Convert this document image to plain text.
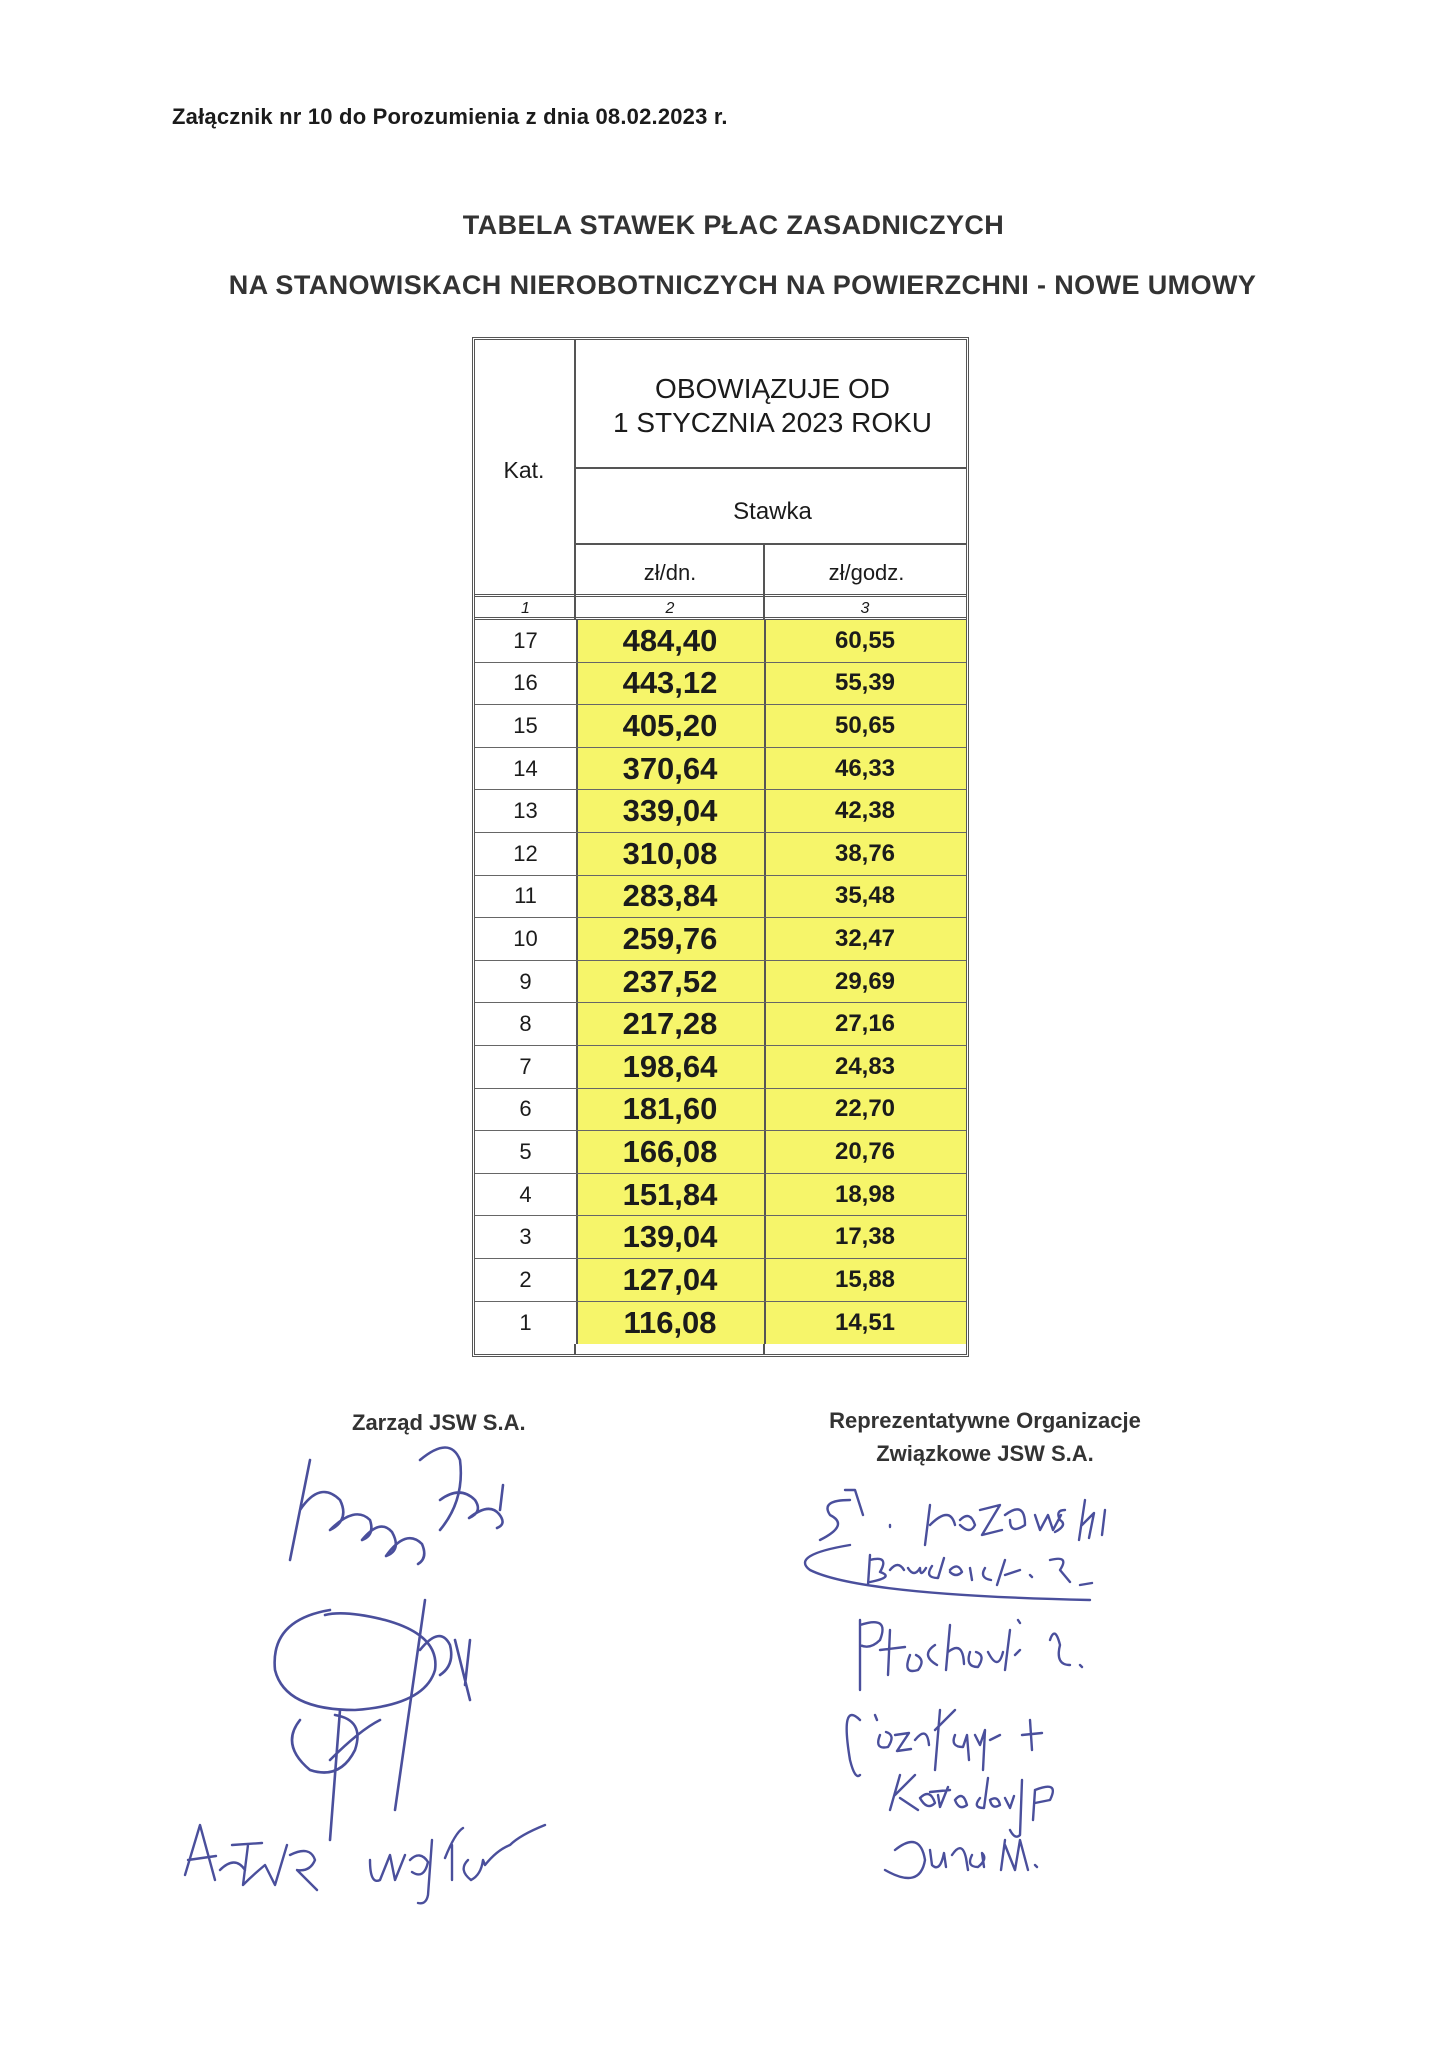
Załącznik nr 10 do Porozumienia z dnia 08.02.2023 r.
TABELA STAWEK PŁAC ZASADNICZYCH
NA STANOWISKACH NIEROBOTNICZYCH NA POWIERZCHNI - NOWE UMOWY
Kat.
OBOWIĄZUJE OD
1 STYCZNIA 2023 ROKU
Stawka
zł/dn.	zł/godz.
1	2	3
17	484,40	60,55
16	443,12	55,39
15	405,20	50,65
14	370,64	46,33
13	339,04	42,38
12	310,08	38,76
11	283,84	35,48
10	259,76	32,47
9	237,52	29,69
8	217,28	27,16
7	198,64	24,83
6	181,60	22,70
5	166,08	20,76
4	151,84	18,98
3	139,04	17,38
2	127,04	15,88
1	116,08	14,51
Zarząd JSW S.A.	Reprezentatywne Organizacje
Związkowe JSW S.A.
